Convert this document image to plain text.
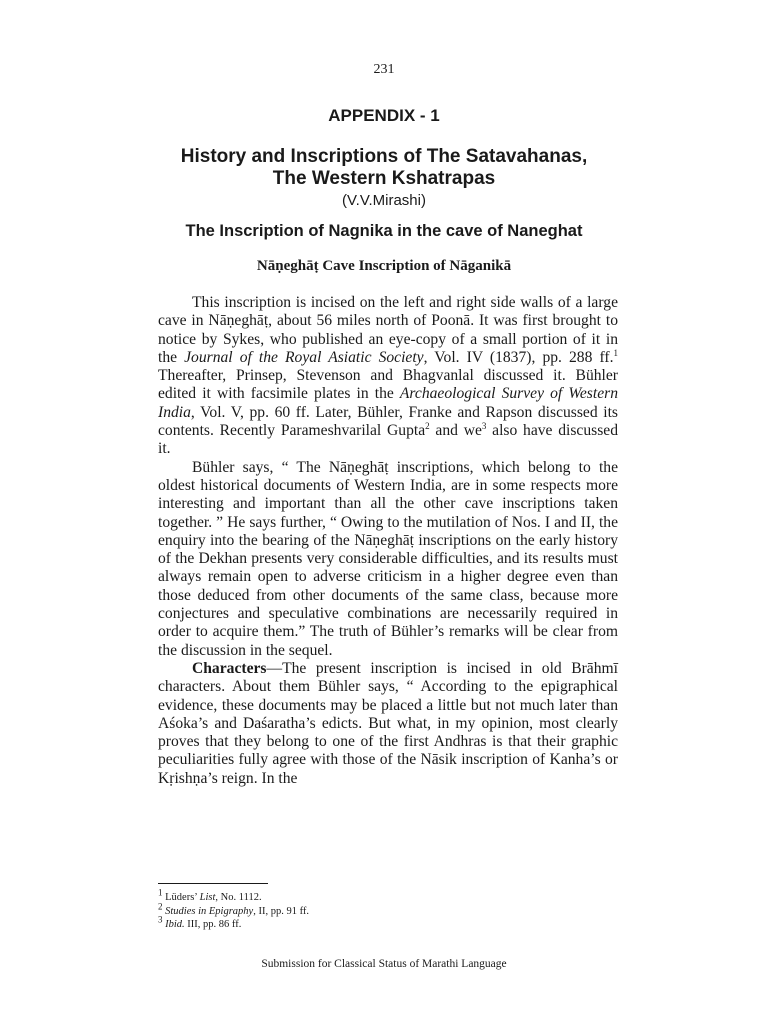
231
APPENDIX - 1
History and Inscriptions of The Satavahanas,
The Western Kshatrapas
(V.V.Mirashi)
The Inscription of Nagnika in the cave of Naneghat
Nāṇeghāṭ Cave Inscription of Nāganikā

This inscription is incised on the left and right side walls of a large cave in Nāṇeghāṭ, about 56 miles north of Poonā. It was first brought to notice by Sykes, who published an eye-copy of a small portion of it in the Journal of the Royal Asiatic Society, Vol. IV (1837), pp. 288 ff.$^1$ Thereafter, Prinsep, Stevenson and Bhagvanlal discussed it. Bühler edited it with facsimile plates in the Archaeological Survey of Western India, Vol. V, pp. 60 ff. Later, Bühler, Franke and Rapson discussed its contents. Recently Parameshvarilal Gupta$^2$ and $we^3$ also have discussed it.

Bühler says, “ The Nāṇeghāṭ inscriptions, which belong to the oldest historical documents of Western India, are in some respects more interesting and important than all the other cave inscriptions taken together. ” He says further, “ Owing to the mutilation of Nos. I and II, the enquiry into the bearing of the Nāṇeghāṭ inscriptions on the early history of the Dekhan presents very considerable difficulties, and its results must always remain open to adverse criticism in a higher degree even than those deduced from other documents of the same class, because more conjectures and speculative combinations are necessarily required in order to acquire them.” The truth of Bühler’s remarks will be clear from the discussion in the sequel.

Characters—The present inscription is incised in old Brāhmī characters. About them Bühler says, “ According to the epigraphical evidence, these documents may be placed a little but not much later than Aśoka’s and Daśaratha’s edicts. But what, in my opinion, most clearly proves that they belong to one of the first Andhras is that their graphic peculiarities fully agree with those of the Nāsik inscription of Kanha’s or Kṛishṇa’s reign. In the

$^1$ Lüders’ List, No. 1112.
$^2$ Studies in Epigraphy, II, pp. 91 ff.
$^3$ Ibid. III, pp. 86 ff.
Submission for Classical Status of Marathi Language
